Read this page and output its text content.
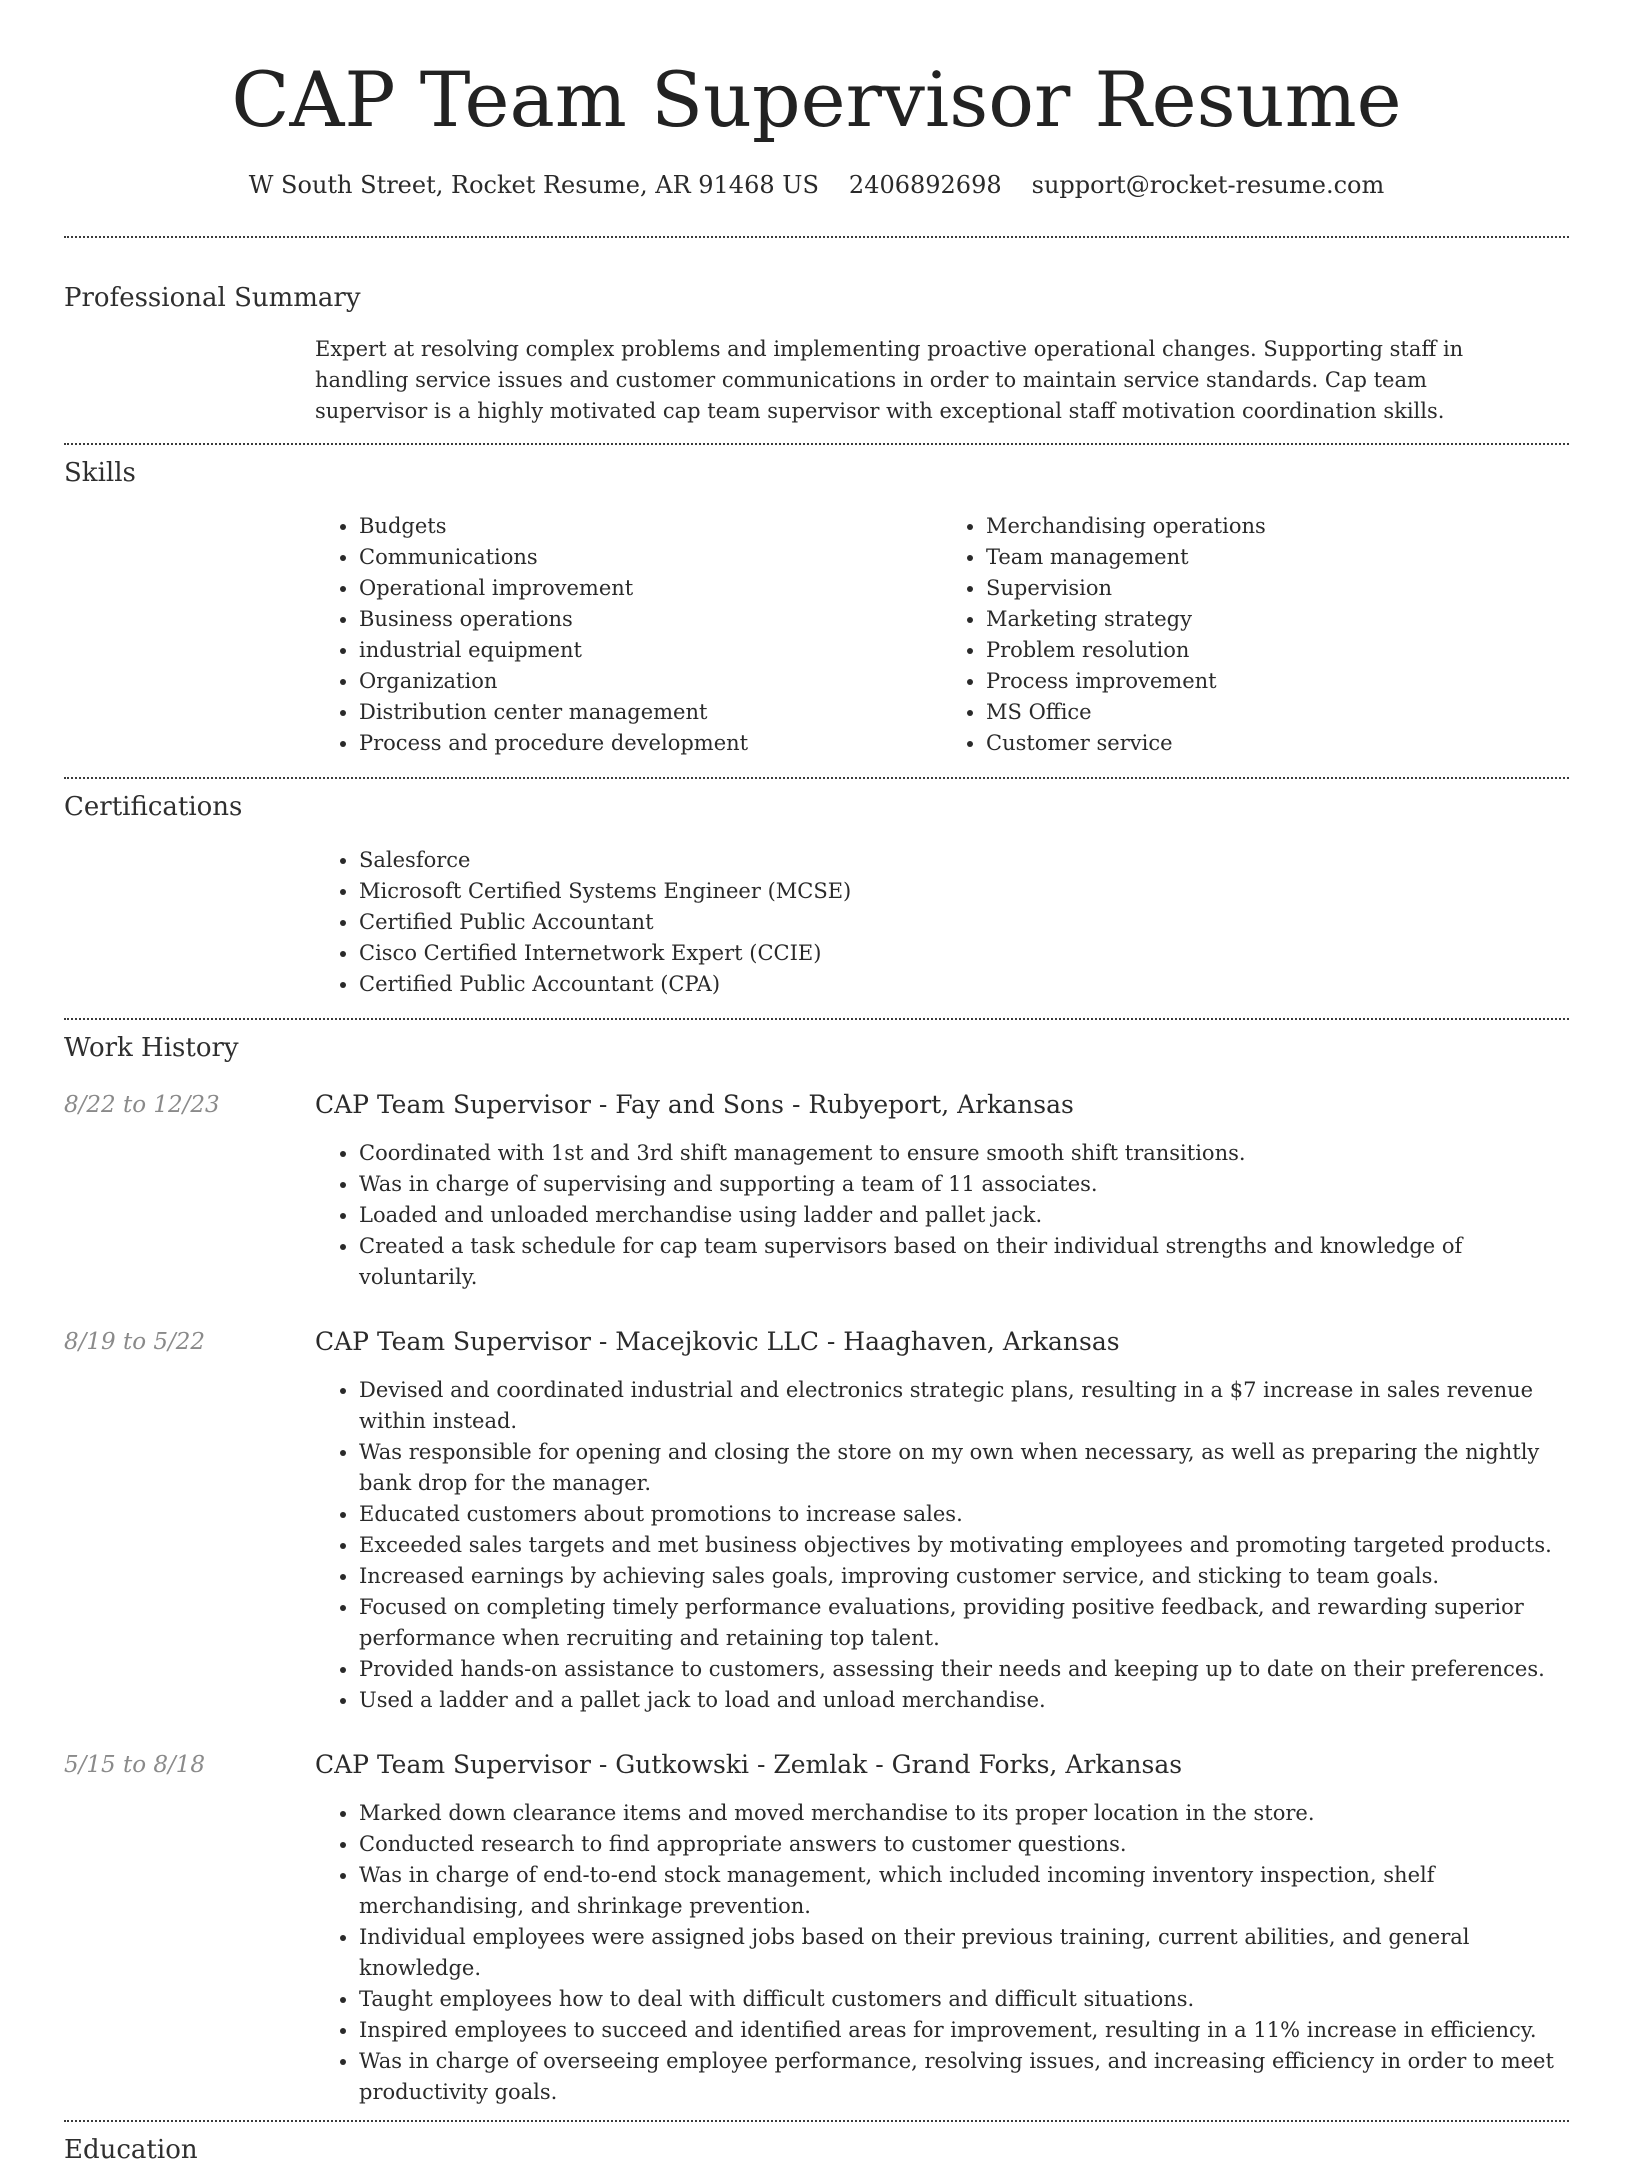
CAP Team Supervisor Resume
W South Street, Rocket Resume, AR 91468 US 2406892698 support@rocket-resume.com
Professional Summary
Expert at resolving complex problems and implementing proactive operational changes. Supporting staff in handling service issues and customer communications in order to maintain service standards. Cap team supervisor is a highly motivated cap team supervisor with exceptional staff motivation coordination skills.
Skills
• Budgets
• Communications
• Operational improvement
• Business operations
• industrial equipment
• Organization
• Distribution center management
• Process and procedure development
• Merchandising operations
• Team management
• Supervision
• Marketing strategy
• Problem resolution
• Process improvement
• MS Office
• Customer service
Certifications
• Salesforce
• Microsoft Certified Systems Engineer (MCSE)
• Certified Public Accountant
• Cisco Certified Internetwork Expert (CCIE)
• Certified Public Accountant (CPA)
Work History
8/22 to 12/23	CAP Team Supervisor - Fay and Sons - Rubyeport, Arkansas
• Coordinated with 1st and 3rd shift management to ensure smooth shift transitions.
• Was in charge of supervising and supporting a team of 11 associates.
• Loaded and unloaded merchandise using ladder and pallet jack.
• Created a task schedule for cap team supervisors based on their individual strengths and knowledge of voluntarily.
8/19 to 5/22	CAP Team Supervisor - Macejkovic LLC - Haaghaven, Arkansas
• Devised and coordinated industrial and electronics strategic plans, resulting in a $7 increase in sales revenue within instead.
• Was responsible for opening and closing the store on my own when necessary, as well as preparing the nightly bank drop for the manager.
• Educated customers about promotions to increase sales.
• Exceeded sales targets and met business objectives by motivating employees and promoting targeted products.
• Increased earnings by achieving sales goals, improving customer service, and sticking to team goals.
• Focused on completing timely performance evaluations, providing positive feedback, and rewarding superior performance when recruiting and retaining top talent.
• Provided hands-on assistance to customers, assessing their needs and keeping up to date on their preferences.
• Used a ladder and a pallet jack to load and unload merchandise.
5/15 to 8/18	CAP Team Supervisor - Gutkowski - Zemlak - Grand Forks, Arkansas
• Marked down clearance items and moved merchandise to its proper location in the store.
• Conducted research to find appropriate answers to customer questions.
• Was in charge of end-to-end stock management, which included incoming inventory inspection, shelf merchandising, and shrinkage prevention.
• Individual employees were assigned jobs based on their previous training, current abilities, and general knowledge.
• Taught employees how to deal with difficult customers and difficult situations.
• Inspired employees to succeed and identified areas for improvement, resulting in a 11% increase in efficiency.
• Was in charge of overseeing employee performance, resolving issues, and increasing efficiency in order to meet productivity goals.
Education
